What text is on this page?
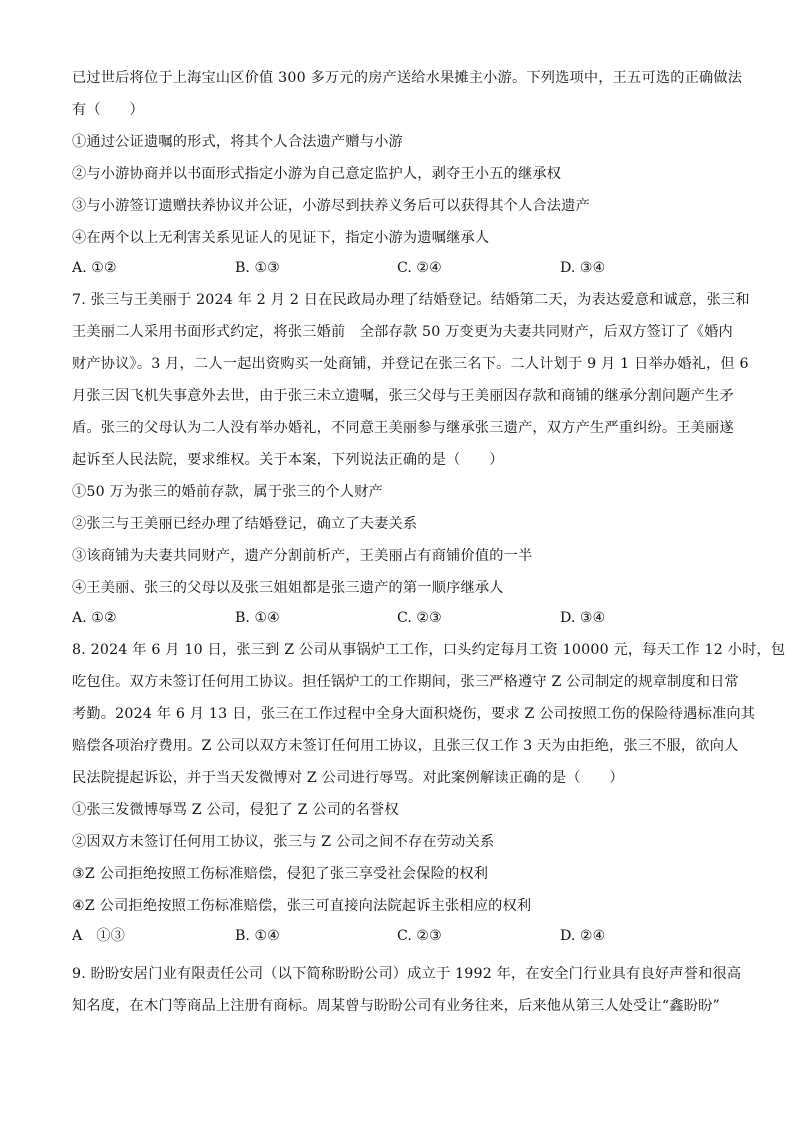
已过世后将位于上海宝山区价值 300 多万元的房产送给水果摊主小游。下列选项中，王五可选的正确做法
有（　　）
①通过公证遗嘱的形式，将其个人合法遗产赠与小游
②与小游协商并以书面形式指定小游为自己意定监护人，剥夺王小五的继承权
③与小游签订遗赠扶养协议并公证，小游尽到扶养义务后可以获得其个人合法遗产
④在两个以上无利害关系见证人的见证下，指定小游为遗嘱继承人
A. ①②	B. ①③	C. ②④	D. ③④
7. 张三与王美丽于 2024 年 2 月 2 日在民政局办理了结婚登记。结婚第二天，为表达爱意和诚意，张三和
王美丽二人采用书面形式约定，将张三婚前　全部存款 50 万变更为夫妻共同财产，后双方签订了《婚内
财产协议》。3 月，二人一起出资购买一处商铺，并登记在张三名下。二人计划于 9 月 1 日举办婚礼，但 6
月张三因飞机失事意外去世，由于张三未立遗嘱，张三父母与王美丽因存款和商铺的继承分割问题产生矛
盾。张三的父母认为二人没有举办婚礼，不同意王美丽参与继承张三遗产，双方产生严重纠纷。王美丽遂
起诉至人民法院，要求维权。关于本案，下列说法正确的是（　　）
①50 万为张三的婚前存款，属于张三的个人财产
②张三与王美丽已经办理了结婚登记，确立了夫妻关系
③该商铺为夫妻共同财产，遗产分割前析产，王美丽占有商铺价值的一半
④王美丽、张三的父母以及张三姐姐都是张三遗产的第一顺序继承人
A. ①②	B. ①④	C. ②③	D. ③④
8. 2024 年 6 月 10 日，张三到 Z 公司从事锅炉工工作，口头约定每月工资 10000 元，每天工作 12 小时，包
吃包住。双方未签订任何用工协议。担任锅炉工的工作期间，张三严格遵守 Z 公司制定的规章制度和日常
考勤。2024 年 6 月 13 日，张三在工作过程中全身大面积烧伤，要求 Z 公司按照工伤的保险待遇标准向其
赔偿各项治疗费用。Z 公司以双方未签订任何用工协议，且张三仅工作 3 天为由拒绝，张三不服，欲向人
民法院提起诉讼，并于当天发微博对 Z 公司进行辱骂。对此案例解读正确的是（　　）
①张三发微博辱骂 Z 公司，侵犯了 Z 公司的名誉权
②因双方未签订任何用工协议，张三与 Z 公司之间不存在劳动关系
③Z 公司拒绝按照工伤标准赔偿，侵犯了张三享受社会保险的权利
④Z 公司拒绝按照工伤标准赔偿，张三可直接向法院起诉主张相应的权利
A　①③	B. ①④	C. ②③	D. ②④
9. 盼盼安居门业有限责任公司（以下简称盼盼公司）成立于 1992 年，在安全门行业具有良好声誉和很高
知名度，在木门等商品上注册有商标。周某曾与盼盼公司有业务往来，后来他从第三人处受让“鑫盼盼”
